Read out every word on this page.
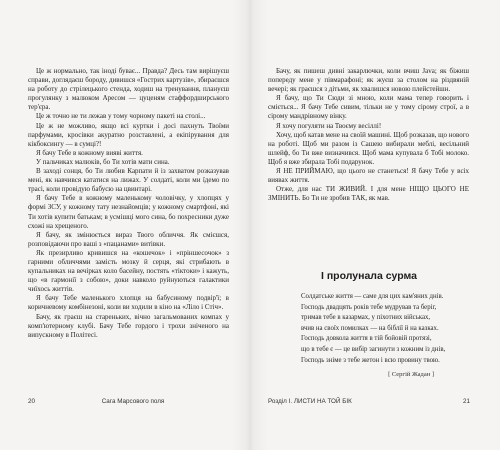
Це ж нормально, так іноді буває... Правда? Десь там вирішуєш справи, доглядаєш бороду, дивишся «Гострих картузів», збираєшся на роботу до стрілецького стенда, ходиш на тренування, плануєш прогулянку з малюком Аресом — цуценям стаффордширського тер'єра.

Це ж точно не ти лежав у тому чорному пакеті на столі...

Це ж не можливо, якщо всі куртки і досі пахнуть Твоїми парфумами, кросівки акуратно розставлені, а екіпірування для кікбоксингу — в сумці?!

Я бачу Тебе в кожному вияві життя.

У пальчиках малюків, бо Ти хотів мати сина.

В заході сонця, бо Ти любив Карпати й із захватом розказував мені, як навчився кататися на лижах. У солдаті, коли ми їдемо по трасі, коли провідую бабусю на цвинтарі.

Я бачу Тебе в кожному маленькому чоловічку, у хлопцях у формі ЗСУ, у кожному тату незнайомців; у кожному смартфоні, які Ти хотів купити батькам; в усмішці мого сина, бо похресники дуже схожі на хрещеного.

Я бачу, як змінюється вираз Твого обличчя. Як смієшся, розповідаючи про ваші з «пацанами» витівки.

Як презирливо кривишся на «кошечок» і «пріншесочок» з гарними обличчями замість мозку й серця, які стрибають в купальниках на вечірках коло басейну, постять «тіктоки» і кажуть, що «в гармонії з собою», доки навколо руйнуються галактики чиїхось життів.

Я бачу Тебе маленького хлопця на бабусиному подвір'ї; в коричневому комбінезоні, коли ви ходили в кіно на «Ліло і Стіч».

Бачу, як граєш на стареньких, вічно загальмованих компах у комп'ютерному клубі. Бачу Тебе гордого і трохи зніченого на випускному в Політесі.

20	Сага Марсового поля

Бачу, як пишеш дивні закарлючки, коли вчиш Java; як біжиш попереду мене у півмарафоні; як жуєш за столом на різдвяній вечері; як граєшся з дітьми, як хвалишся новою плейстейшн.

Я бачу, що Ти Сюди зі мною, коли мама тепер говорить і сміється... Я бачу Тебе сивим, тільки не у тому сірому строї, а в сірому мандрівному вінку.

Я хочу погуляти на Твоєму весіллі!

Хочу, щоб катав мене на своїй машині. Щоб розказав, що нового на роботі. Щоб ми разом із Сашею вибирали меблі, весільний шлейф, бо Ти вже визначився. Щоб мама купувала б Тобі молоко. Щоб я вже збирала Тобі подарунок.

Я НЕ ПРИЙМАЮ, що цього не станеться! Я бачу Тебе у всіх виявах життя.

Отже, для нас ТИ ЖИВИЙ. І для мене НІЩО ЦЬОГО НЕ ЗМІНИТЬ. Бо Ти не зробив ТАК, як мав.

І пролунала сурма
Солдатське життя — саме для цих кам'яних днів.
Господь двадцять років тебе мудрував та беріг,
тримав тебе в казармах, у піхотних військах,
вчив на своїх помилках — на біблії й на казках.
Господь довкола життя в тій бойовій протязі,
що в тебе є — це вибір загинути з кожним із днів,
Господь зніме з тебе жетон і всю провину твою.
[ Сергій Жадан ]
Розділ І. ЛИСТИ НА ТОЙ БІК	21
